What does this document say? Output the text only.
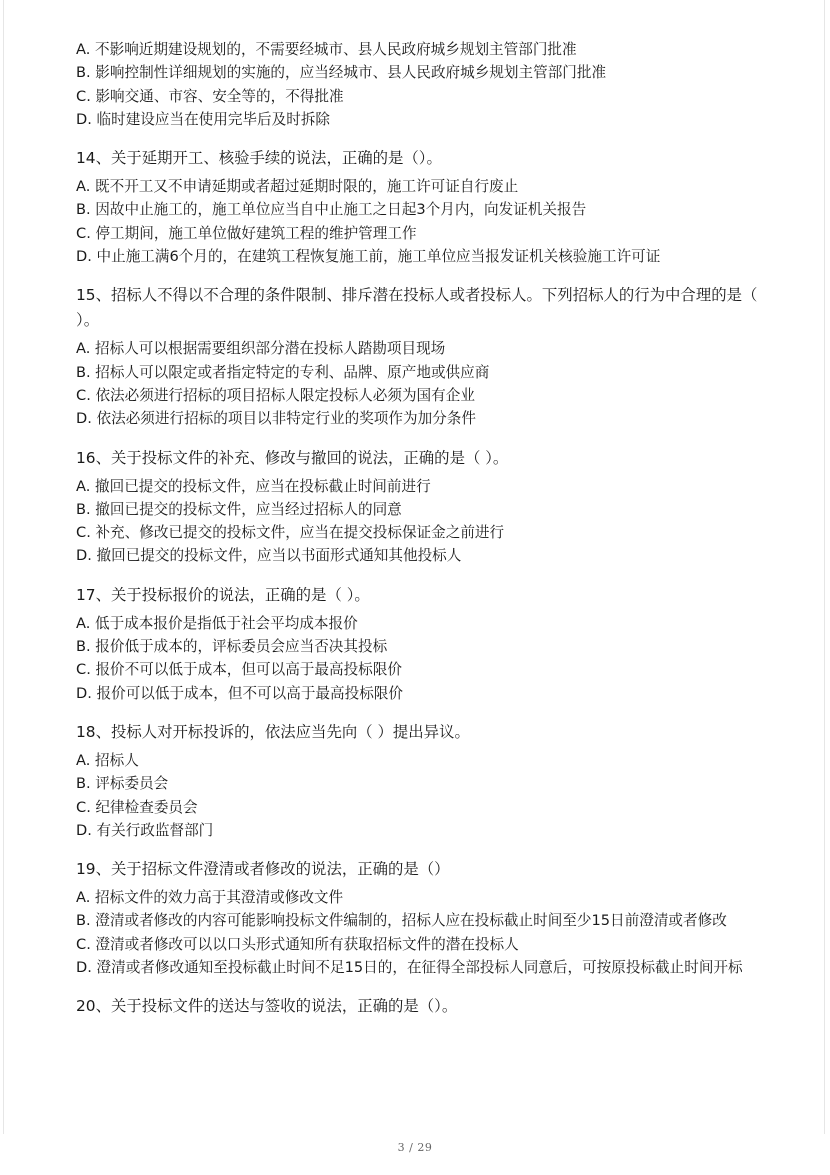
A. 不影响近期建设规划的，不需要经城市、县人民政府城乡规划主管部门批准
B. 影响控制性详细规划的实施的，应当经城市、县人民政府城乡规划主管部门批准
C. 影响交通、市容、安全等的，不得批准
D. 临时建设应当在使用完毕后及时拆除
14、关于延期开工、核验手续的说法，正确的是（）。
A. 既不开工又不申请延期或者超过延期时限的，施工许可证自行废止
B. 因故中止施工的，施工单位应当自中止施工之日起3个月内，向发证机关报告
C. 停工期间，施工单位做好建筑工程的维护管理工作
D. 中止施工满6个月的，在建筑工程恢复施工前，施工单位应当报发证机关核验施工许可证
15、招标人不得以不合理的条件限制、排斥潜在投标人或者投标人。下列招标人的行为中合理的是（ ）。
A. 招标人可以根据需要组织部分潜在投标人踏勘项目现场
B. 招标人可以限定或者指定特定的专利、品牌、原产地或供应商
C. 依法必须进行招标的项目招标人限定投标人必须为国有企业
D. 依法必须进行招标的项目以非特定行业的奖项作为加分条件
16、关于投标文件的补充、修改与撤回的说法，正确的是（ ）。
A. 撤回已提交的投标文件，应当在投标截止时间前进行
B. 撤回已提交的投标文件，应当经过招标人的同意
C. 补充、修改已提交的投标文件，应当在提交投标保证金之前进行
D. 撤回已提交的投标文件，应当以书面形式通知其他投标人
17、关于投标报价的说法，正确的是（ ）。
A. 低于成本报价是指低于社会平均成本报价
B. 报价低于成本的，评标委员会应当否决其投标
C. 报价不可以低于成本，但可以高于最高投标限价
D. 报价可以低于成本，但不可以高于最高投标限价
18、投标人对开标投诉的，依法应当先向（ ）提出异议。
A. 招标人
B. 评标委员会
C. 纪律检查委员会
D. 有关行政监督部门
19、关于招标文件澄清或者修改的说法，正确的是（）
A. 招标文件的效力高于其澄清或修改文件
B. 澄清或者修改的内容可能影响投标文件编制的，招标人应在投标截止时间至少15日前澄清或者修改
C. 澄清或者修改可以以口头形式通知所有获取招标文件的潜在投标人
D. 澄清或者修改通知至投标截止时间不足15日的，在征得全部投标人同意后，可按原投标截止时间开标
20、关于投标文件的送达与签收的说法，正确的是（）。
3 / 29
